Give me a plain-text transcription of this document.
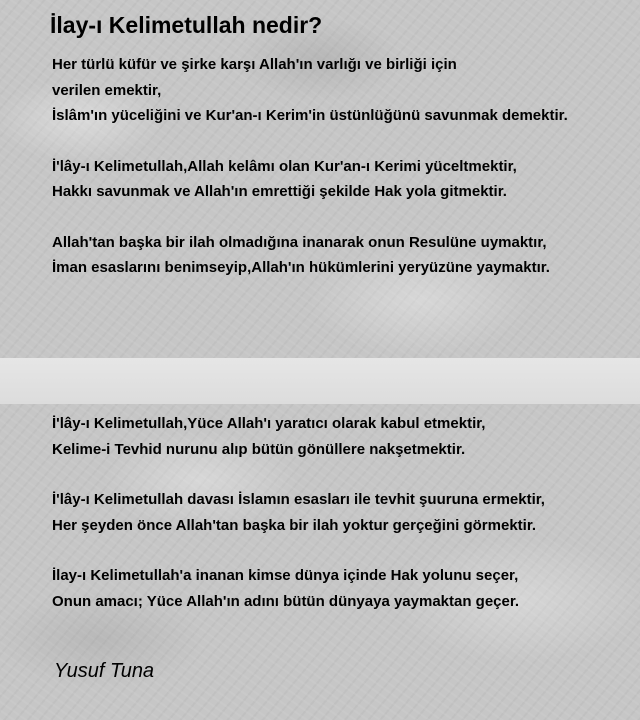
İlay-ı Kelimetullah nedir?

Her türlü küfür ve şirke karşı Allah'ın varlığı ve birliği için

verilen emektir,

İslâm'ın yüceliğini ve Kur'an-ı Kerim'in üstünlüğünü savunmak demektir.

İ'lây-ı Kelimetullah,Allah kelâmı olan Kur'an-ı Kerimi yüceltmektir,

Hakkı savunmak ve Allah'ın emrettiği şekilde Hak yola gitmektir.

Allah'tan başka bir ilah olmadığına inanarak onun Resulüne uymaktır,

İman esaslarını benimseyip,Allah'ın hükümlerini yeryüzüne yaymaktır.

İ'lây-ı Kelimetullah,Yüce Allah'ı yaratıcı olarak kabul etmektir,

Kelime-i Tevhid nurunu alıp bütün gönüllere nakşetmektir.

İ'lây-ı Kelimetullah davası İslamın esasları ile tevhit şuuruna ermektir,

Her şeyden önce Allah'tan başka bir ilah yoktur gerçeğini görmektir.

İlay-ı Kelimetullah'a inanan kimse dünya içinde Hak yolunu seçer,

Onun amacı; Yüce Allah'ın adını bütün dünyaya yaymaktan geçer.

Yusuf Tuna
